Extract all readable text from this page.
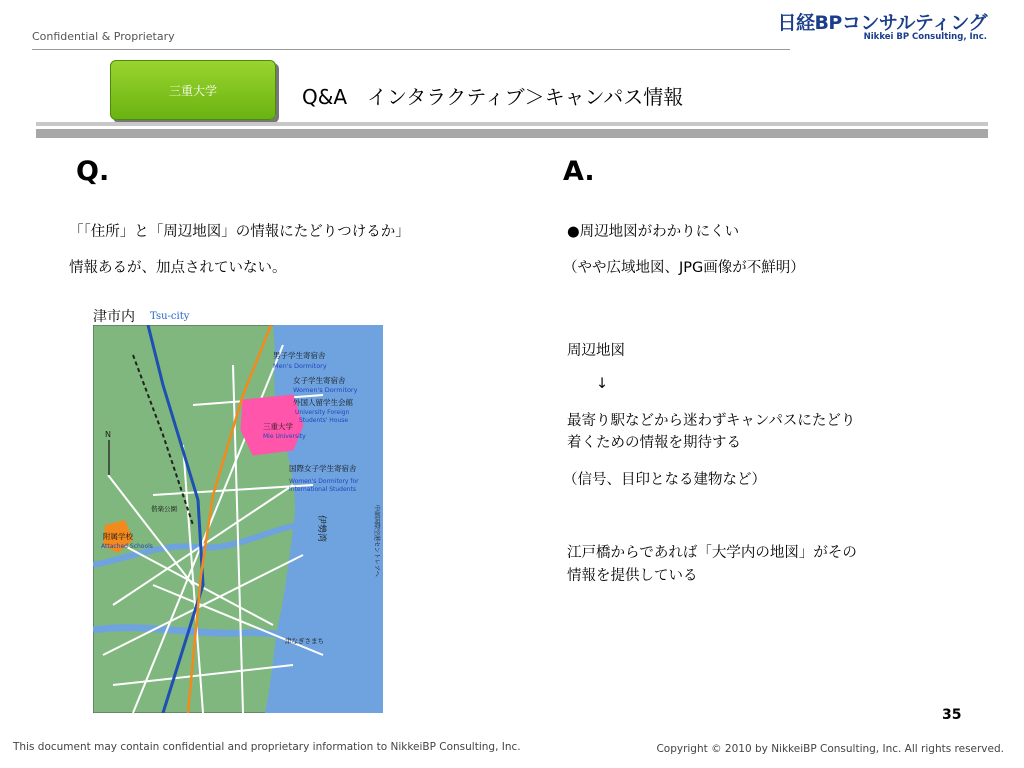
Confidential & Proprietary
日経BPコンサルティング
Nikkei BP Consulting, Inc.
三重大学	Q&A　インタラクティブ＞キャンパス情報
Q.	A.
「「住所」と「周辺地図」の情報にたどりつけるか」
情報あるが、加点されていない。
●周辺地図がわかりにくい
（やや広域地図、JPG画像が不鮮明）
周辺地図
↓
最寄り駅などから迷わずキャンパスにたどり
着くための情報を期待する
（信号、目印となる建物など）
江戸橋からであれば「大学内の地図」がその
情報を提供している
津市内 Tsu-city
N
男子学生寄宿舎
Men's Dormitory
女子学生寄宿舎
Women's Dormitory
外国人留学生会館
University Foreign
Students' House
三重大学
Mie University
国際女子学生寄宿舎
Women's Dormitory for
International Students
附属学校
Attached Schools
偕楽公園
津なぎさまち
中部国際空港セントレアへ
伊勢湾
35
This document may contain confidential and proprietary information to NikkeiBP Consulting, Inc.	Copyright © 2010 by NikkeiBP Consulting, Inc. All rights reserved.
